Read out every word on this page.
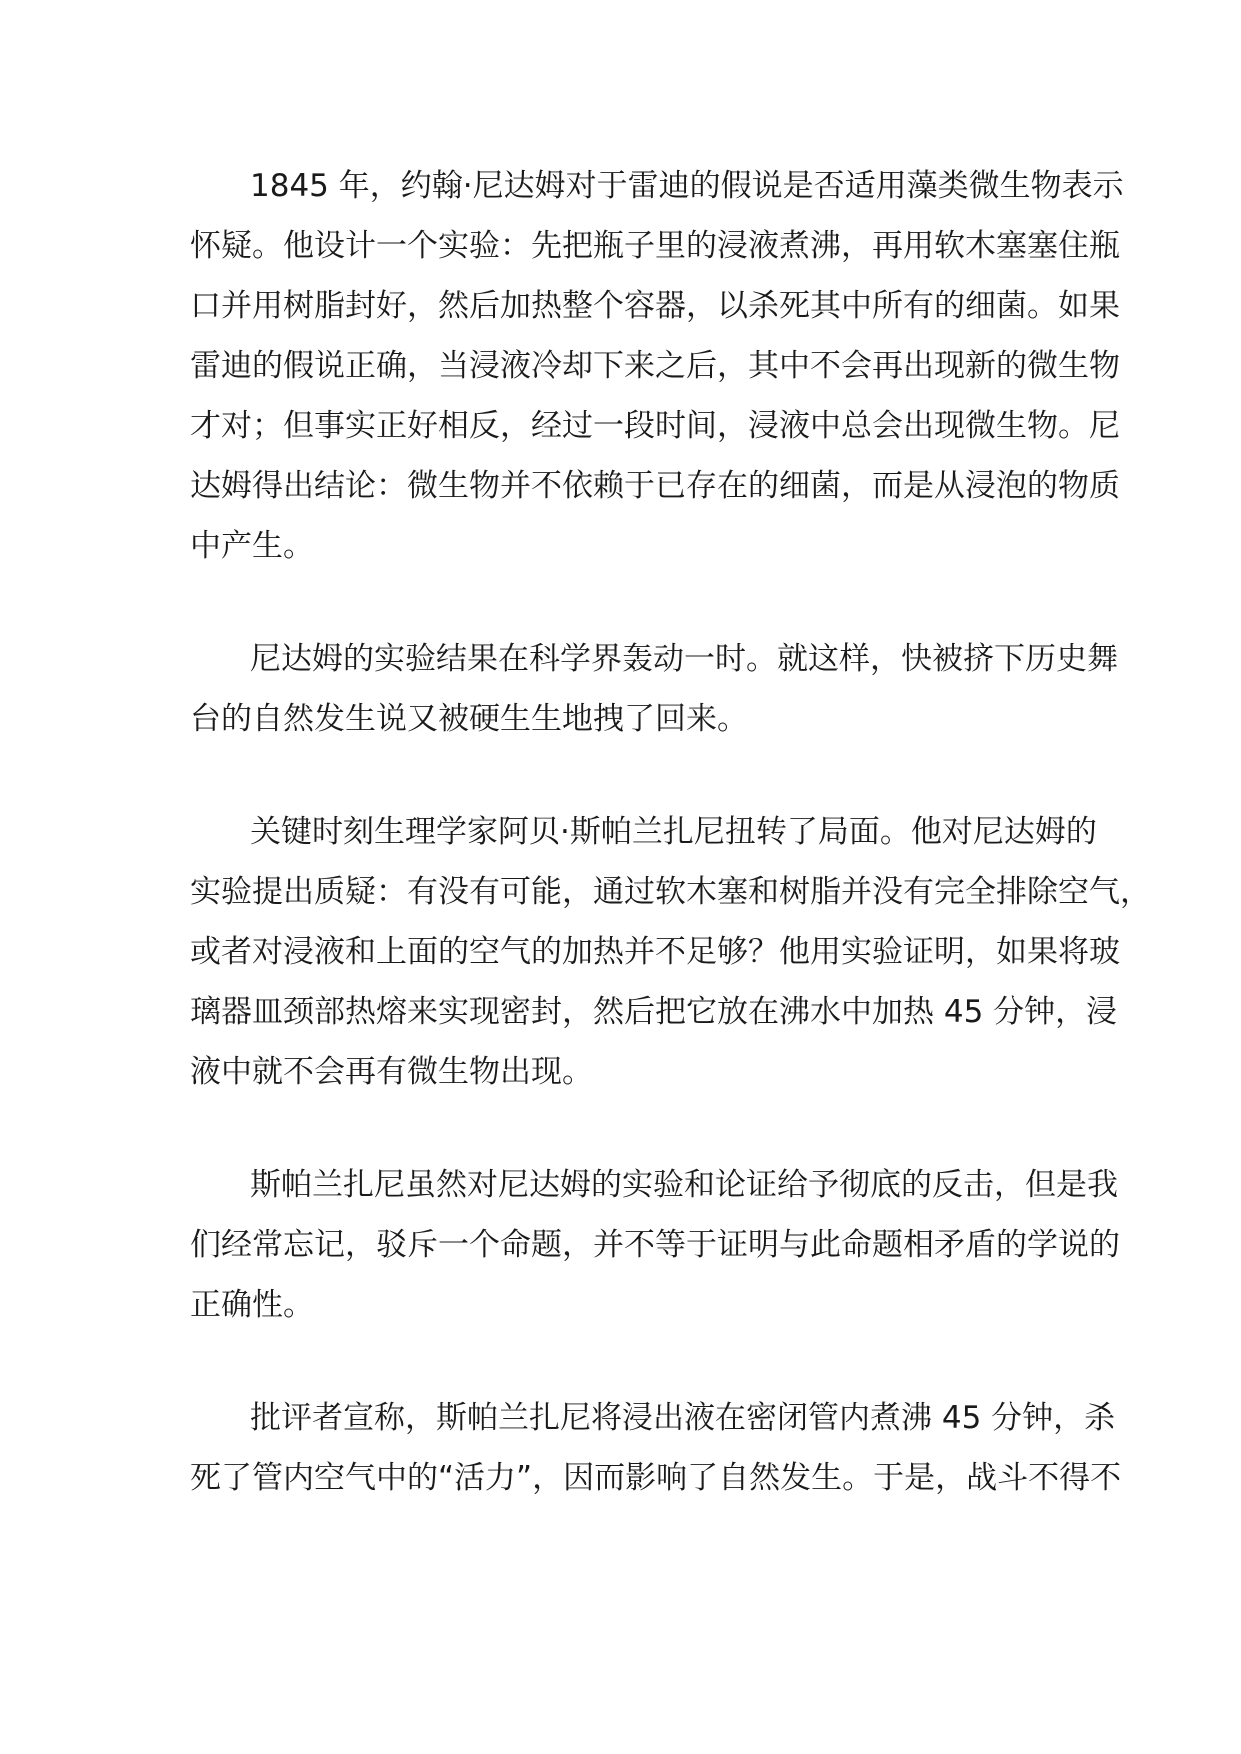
1845 年，约翰·尼达姆对于雷迪的假说是否适用藻类微生物表示
怀疑。他设计一个实验：先把瓶子里的浸液煮沸，再用软木塞塞住瓶
口并用树脂封好，然后加热整个容器，以杀死其中所有的细菌。如果
雷迪的假说正确，当浸液冷却下来之后，其中不会再出现新的微生物
才对；但事实正好相反，经过一段时间，浸液中总会出现微生物。尼
达姆得出结论：微生物并不依赖于已存在的细菌，而是从浸泡的物质
中产生。
尼达姆的实验结果在科学界轰动一时。就这样，快被挤下历史舞
台的自然发生说又被硬生生地拽了回来。
关键时刻生理学家阿贝·斯帕兰扎尼扭转了局面。他对尼达姆的
实验提出质疑：有没有可能，通过软木塞和树脂并没有完全排除空气，
或者对浸液和上面的空气的加热并不足够？他用实验证明，如果将玻
璃器皿颈部热熔来实现密封，然后把它放在沸水中加热 45 分钟，浸
液中就不会再有微生物出现。
斯帕兰扎尼虽然对尼达姆的实验和论证给予彻底的反击，但是我
们经常忘记，驳斥一个命题，并不等于证明与此命题相矛盾的学说的
正确性。
批评者宣称，斯帕兰扎尼将浸出液在密闭管内煮沸 45 分钟，杀
死了管内空气中的“活力”，因而影响了自然发生。于是，战斗不得不
